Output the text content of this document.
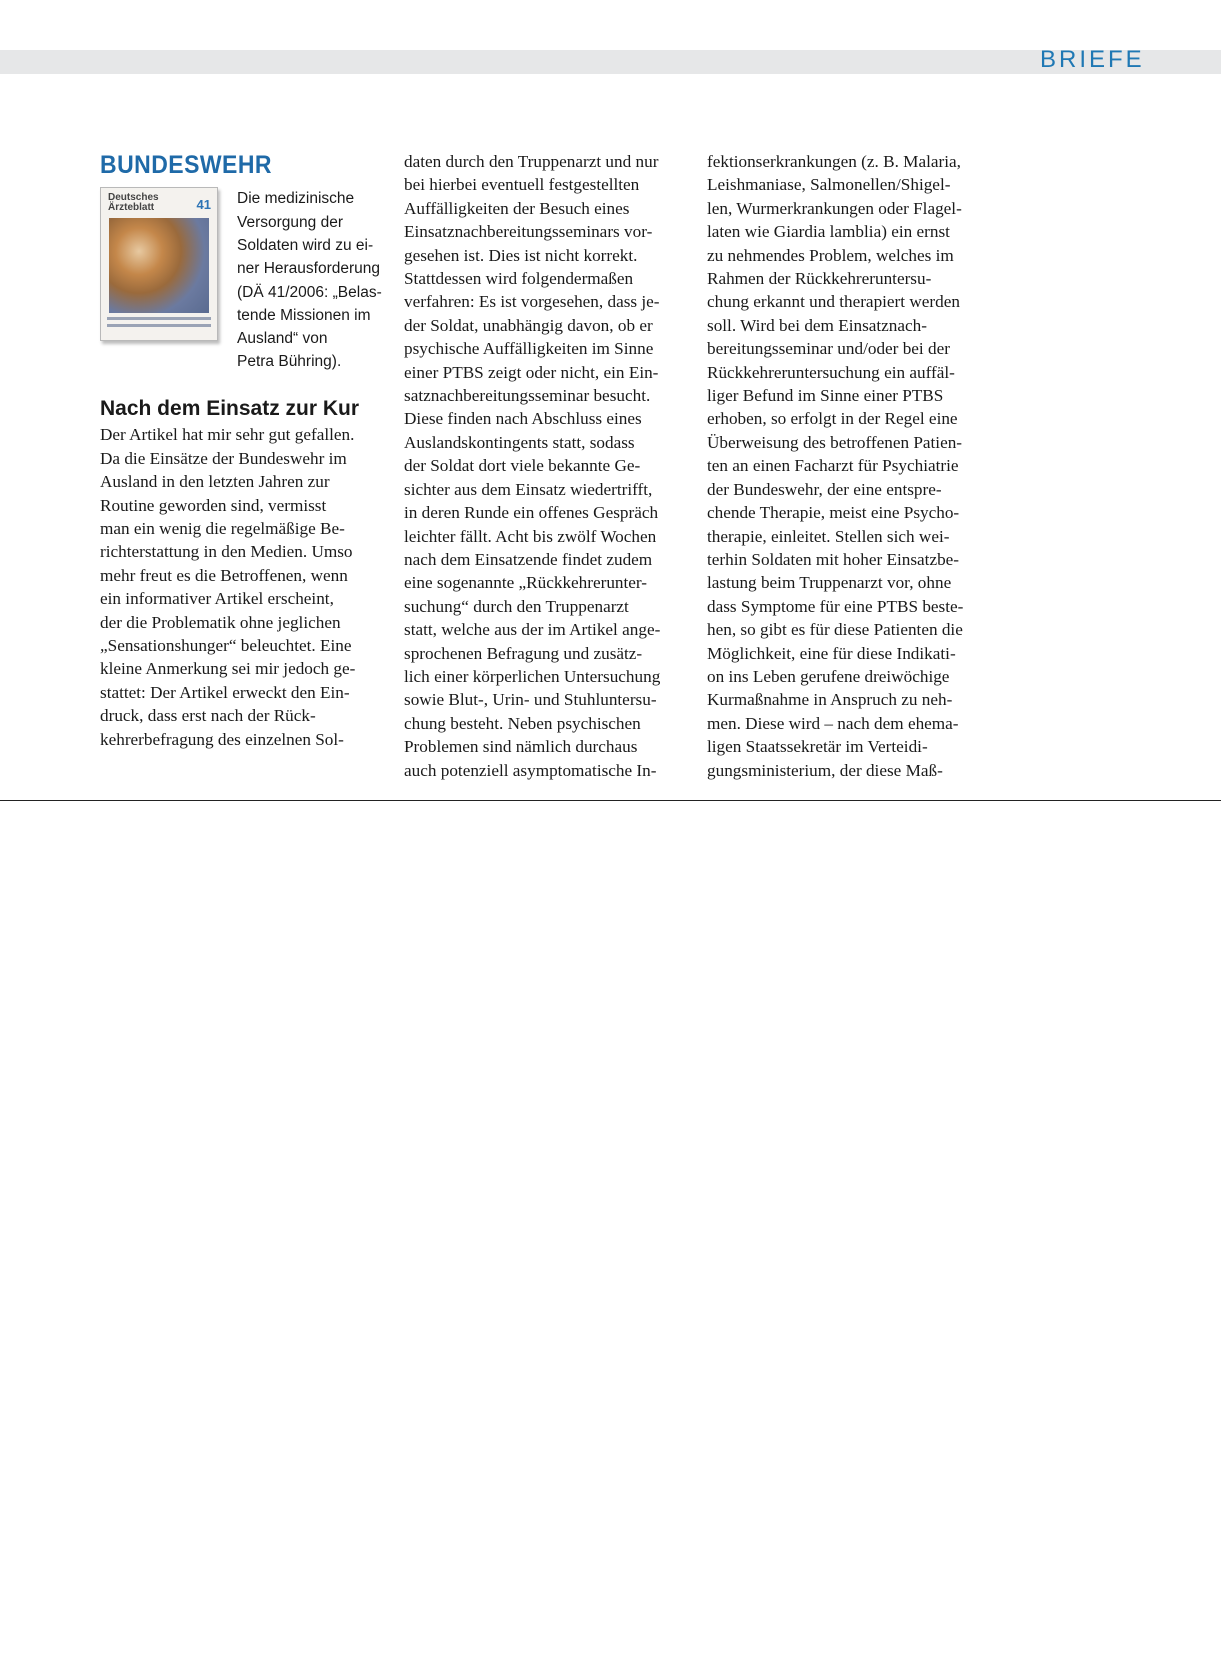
BRIEFE
BUNDESWEHR
Deutsches
Ärzteblatt	41 Die medizinische
Versorgung der
Soldaten wird zu ei-
ner Herausforderung
(DÄ 41/2006: „Belas-
tende Missionen im
Ausland“ von
Petra Bühring).
Nach dem Einsatz zur Kur
Der Artikel hat mir sehr gut gefallen.
Da die Einsätze der Bundeswehr im
Ausland in den letzten Jahren zur
Routine geworden sind, vermisst
man ein wenig die regelmäßige Be-
richterstattung in den Medien. Umso
mehr freut es die Betroffenen, wenn
ein informativer Artikel erscheint,
der die Problematik ohne jeglichen
„Sensationshunger“ beleuchtet. Eine
kleine Anmerkung sei mir jedoch ge-
stattet: Der Artikel erweckt den Ein-
druck, dass erst nach der Rück-
kehrerbefragung des einzelnen Sol-
daten durch den Truppenarzt und nur
bei hierbei eventuell festgestellten
Auffälligkeiten der Besuch eines
Einsatznachbereitungsseminars vor-
gesehen ist. Dies ist nicht korrekt.
Stattdessen wird folgendermaßen
verfahren: Es ist vorgesehen, dass je-
der Soldat, unabhängig davon, ob er
psychische Auffälligkeiten im Sinne
einer PTBS zeigt oder nicht, ein Ein-
satznachbereitungsseminar besucht.
Diese finden nach Abschluss eines
Auslandskontingents statt, sodass
der Soldat dort viele bekannte Ge-
sichter aus dem Einsatz wiedertrifft,
in deren Runde ein offenes Gespräch
leichter fällt. Acht bis zwölf Wochen
nach dem Einsatzende findet zudem
eine sogenannte „Rückkehrerunter-
suchung“ durch den Truppenarzt
statt, welche aus der im Artikel ange-
sprochenen Befragung und zusätz-
lich einer körperlichen Untersuchung
sowie Blut-, Urin- und Stuhluntersu-
chung besteht. Neben psychischen
Problemen sind nämlich durchaus
auch potenziell asymptomatische In-
fektionserkrankungen (z. B. Malaria,
Leishmaniase, Salmonellen/Shigel-
len, Wurmerkrankungen oder Flagel-
laten wie Giardia lamblia) ein ernst
zu nehmendes Problem, welches im
Rahmen der Rückkehreruntersu-
chung erkannt und therapiert werden
soll. Wird bei dem Einsatznach-
bereitungsseminar und/oder bei der
Rückkehreruntersuchung ein auffäl-
liger Befund im Sinne einer PTBS
erhoben, so erfolgt in der Regel eine
Überweisung des betroffenen Patien-
ten an einen Facharzt für Psychiatrie
der Bundeswehr, der eine entspre-
chende Therapie, meist eine Psycho-
therapie, einleitet. Stellen sich wei-
terhin Soldaten mit hoher Einsatzbe-
lastung beim Truppenarzt vor, ohne
dass Symptome für eine PTBS beste-
hen, so gibt es für diese Patienten die
Möglichkeit, eine für diese Indikati-
on ins Leben gerufene dreiwöchige
Kurmaßnahme in Anspruch zu neh-
men. Diese wird – nach dem ehema-
ligen Staatssekretär im Verteidi-
gungsministerium, der diese Maß-
